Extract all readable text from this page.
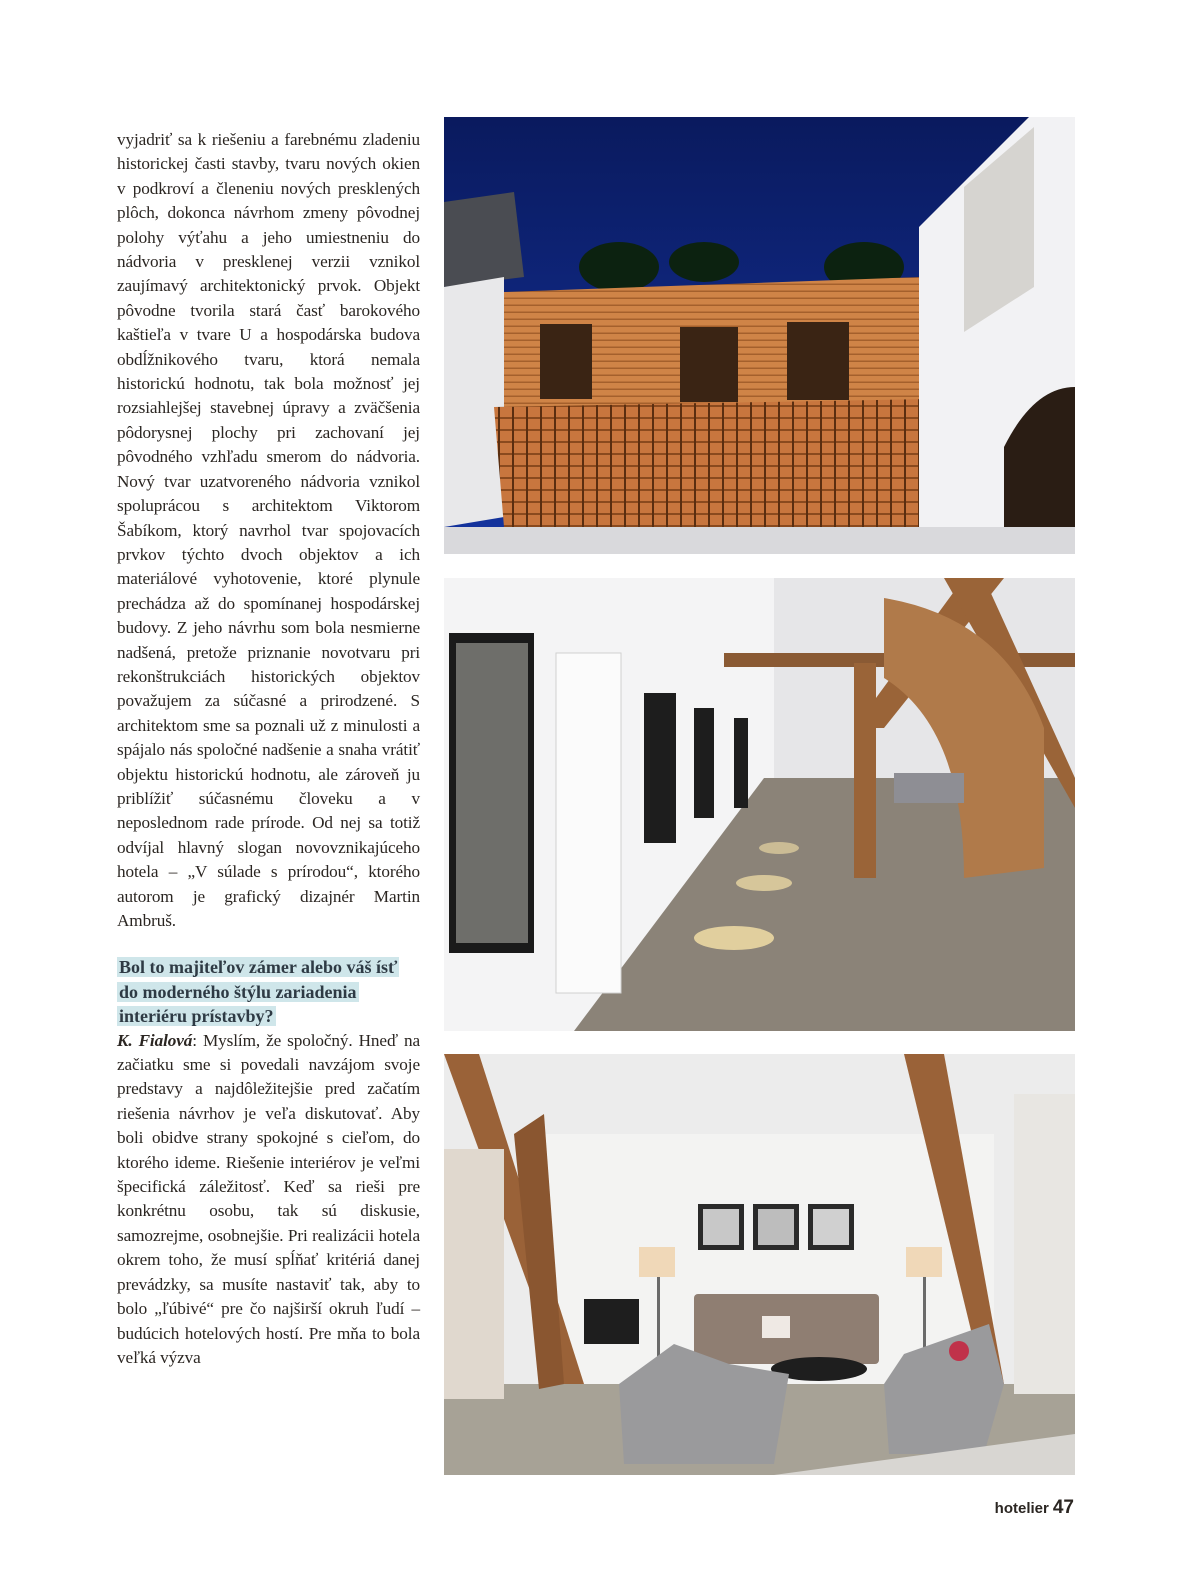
vyjadriť sa k riešeniu a farebnému zladeniu historickej časti stavby, tvaru nových okien v podkroví a členeniu nových presklených plôch, dokonca návrhom zmeny pôvodnej polohy výťahu a jeho umiestneniu do nádvoria v presklenej verzii vznikol zaujímavý architektonický prvok. Objekt pôvodne tvorila stará časť barokového kaštieľa v tvare U a hospodárska budova obdĺžnikového tvaru, ktorá nemala historickú hodnotu, tak bola možnosť jej rozsiahlejšej stavebnej úpravy a zväčšenia pôdorysnej plochy pri zachovaní jej pôvodného vzhľadu smerom do nádvoria. Nový tvar uzatvoreného nádvoria vznikol spoluprácou s architektom Viktorom Šabíkom, ktorý navrhol tvar spojovacích prvkov týchto dvoch objektov a ich materiálové vyhotovenie, ktoré plynule prechádza až do spomínanej hospodárskej budovy. Z jeho návrhu som bola nesmierne nadšená, pretože priznanie novotvaru pri rekonštrukciách historických objektov považujem za súčasné a prirodzené. S architektom sme sa poznali už z minulosti a spájalo nás spoločné nadšenie a snaha vrátiť objektu historickú hodnotu, ale zároveň ju priblížiť súčasnému človeku a v neposlednom rade prírode. Od nej sa totiž odvíjal hlavný slogan novovznikajúceho hotela – „V súlade s prírodou“, ktorého autorom je grafický dizajnér Martin Ambruš.

Bol to majiteľov zámer alebo váš ísť do moderného štýlu zariadenia interiéru prístavby?

K. Fialová: Myslím, že spoločný. Hneď na začiatku sme si povedali navzájom svoje predstavy a najdôležitejšie pred začatím riešenia návrhov je veľa diskutovať. Aby boli obidve strany spokojné s cieľom, do ktorého ideme. Riešenie interiérov je veľmi špecifická záležitosť. Keď sa rieši pre konkrétnu osobu, tak sú diskusie, samozrejme, osobnejšie. Pri realizácii hotela okrem toho, že musí spĺňať kritériá danej prevádzky, sa musíte nastaviť tak, aby to bolo „ľúbivé“ pre čo najširší okruh ľudí – budúcich hotelových hostí. Pre mňa to bola veľká výzva

hotelier 47
